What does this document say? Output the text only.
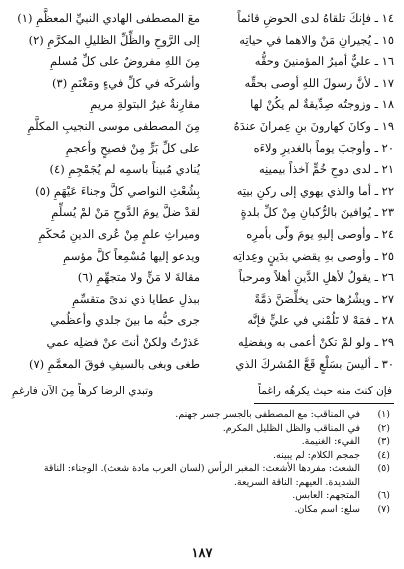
١٤ ـ فإنكَ تلقاهُ لدى الحوضِ قائماً
معَ المصطفى الهادي النبيِّ المعظَّمِ (١)
١٥ ـ يُجيرانِ مَنْ والاهما في حياتِه
إلى الرَّوحِ والظِّلِّ الظليلِ المكرَّمِ (٢)
١٦ ـ عليٌّ أميرُ المؤمنينَ وحقُّه
مِنَ اللهِ مفروضٌ على كلِّ مُسلمِ
١٧ ـ لأنَّ رسولَ اللهِ أوصى بحقِّه
وأشركَه في كلِّ فيءٍ ومَغْنَمِ (٣)
١٨ ـ وزوجتُه صِدِّيقةٌ لم يكُنْ لها
مقارِنةٌ غيرُ البتولةِ مريمِ
١٩ ـ وكانَ كهارونَ بنِ عِمرانَ عندَهُ
مِنَ المصطفى موسى النجيبِ المكلَّمِ
٢٠ ـ وأوجبَ يوماً بالغديرِ ولاءَه
على كلِّ بَرٍّ مِنْ فصيحٍ وأعجمِ
٢١ ـ لدى دوحِ خُمٍّ آخذاً بيمينِه
يُنادي مُبيناً باسمِه لم يُجَمْجِمِ (٤)
٢٢ ـ أما والذي يهوي إلى ركنِ بيتِه
بِشُعْثِ النواصي كلَّ وجناءَ عَيْهَمِ (٥)
٢٣ ـ يُوافينَ بالرُّكبانِ مِنْ كلِّ بلدةٍ
لقدْ ضلَّ يومَ الدَّوحِ مَنْ لمْ يُسلِّمِ
٢٤ ـ وأوصى إليهِ يومَ ولّى بأمرِه
وميراثِ علمٍ مِنْ عُرى الدينِ مُحكَمِ
٢٥ ـ وأوصى بهِ يقضي بدَينٍ وعِداتِه
ويدعو إليها مُسْمِعاً كلَّ مؤسمِ
٢٦ ـ يقولُ لأهلِ الدَّينِ أهلاً ومرحباً
مقالةَ لا مَنٍّ ولا متجهِّمِ (٦)
٢٧ ـ ويشْرُها حتى يخلِّصَنَّ ذمَّةً
ببذلِ عطايا ذي ندىً متقسِّمِ
٢٨ ـ فمَهْ لا تَلُمْني في عليٍّ فإنَّه
جرى حبُّه ما بينَ جلدي وأعظُمي
٢٩ ـ ولو لمْ تكنْ أعمى به وبفضلِه
عَذرْتُ ولكنْ أنتَ عنْ فضلِه عمي
٣٠ ـ أليسَ بسَلْعٍ قَعَّ المُشركَ الذي
طغى وبغى بالسيفِ فوقَ المعمَّمِ (٧)
فإن كنتَ منه حيث يكرهُه راغماً
وتبدي الرضا كرهاً مِنَ الآن فارغمِ
(١)
في المناقب: مع المصطفى بالجسر جسر جهنم.
(٢)
في المناقب والظل الظليل المكرم.
(٣)
الفيء: الغنيمة.
(٤)
جمجم الكلام: لم يبينه.
(٥)
الشعث: مفردها الأشعث: المغبر الرأس (لسان العرب مادة شعث). الوجناء: الناقة الشديدة. العيهم: الناقة السريعة.
(٦)
المتجهم: العابس.
(٧)
سلع: اسم مكان.
١٨٧
